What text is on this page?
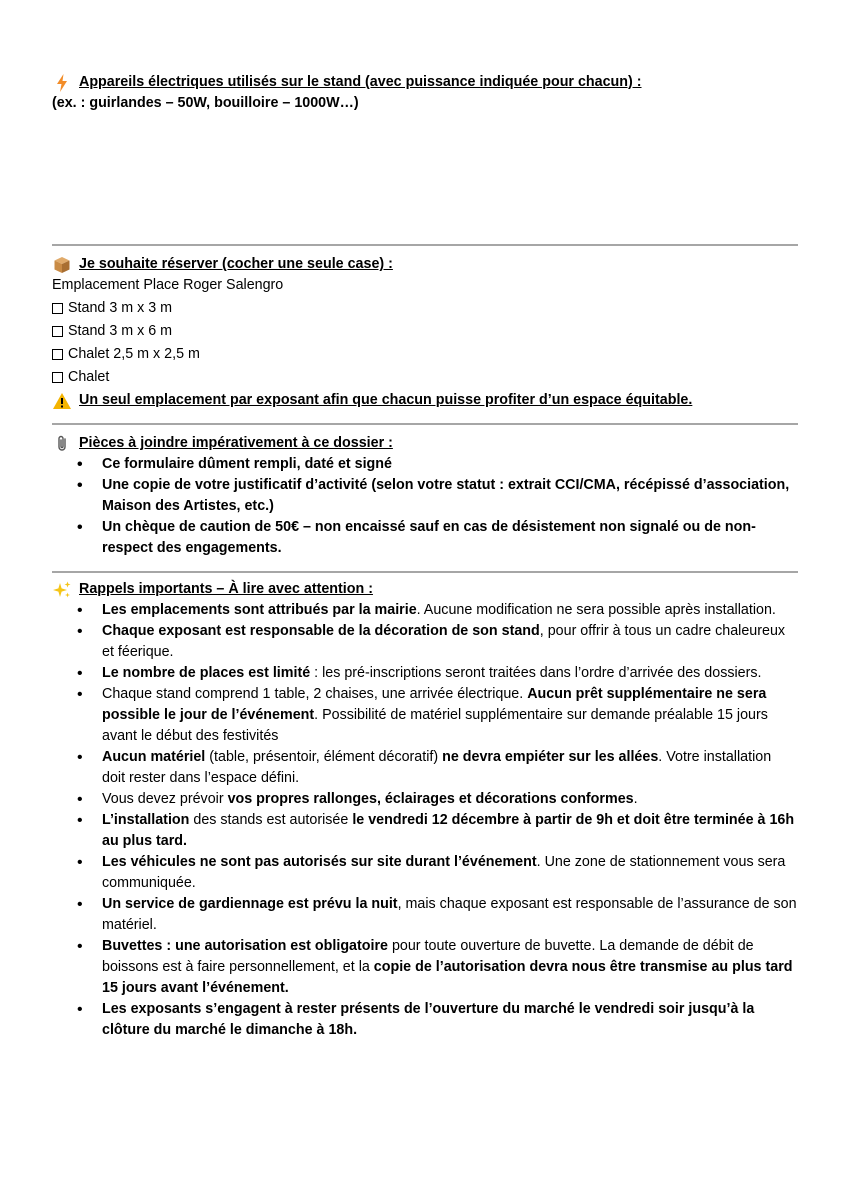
Appareils électriques utilisés sur le stand (avec puissance indiquée pour chacun) :
(ex. : guirlandes – 50W, bouilloire – 1000W…)
Je souhaite réserver (cocher une seule case) :
Emplacement Place Roger Salengro
Stand 3 m x 3 m
Stand 3 m x 6 m
Chalet 2,5 m x 2,5 m
Chalet
Un seul emplacement par exposant afin que chacun puisse profiter d’un espace équitable.
Pièces à joindre impérativement à ce dossier :
• Ce formulaire dûment rempli, daté et signé
• Une copie de votre justificatif d’activité (selon votre statut : extrait CCI/CMA, récépissé d’association, Maison des Artistes, etc.)
• Un chèque de caution de 50€ – non encaissé sauf en cas de désistement non signalé ou de non-respect des engagements.
Rappels importants – À lire avec attention :
• Les emplacements sont attribués par la mairie. Aucune modification ne sera possible après installation.
• Chaque exposant est responsable de la décoration de son stand, pour offrir à tous un cadre chaleureux et féerique.
• Le nombre de places est limité : les pré-inscriptions seront traitées dans l’ordre d’arrivée des dossiers.
• Chaque stand comprend 1 table, 2 chaises, une arrivée électrique. Aucun prêt supplémentaire ne sera possible le jour de l’événement. Possibilité de matériel supplémentaire sur demande préalable 15 jours avant le début des festivités
• Aucun matériel (table, présentoir, élément décoratif) ne devra empiéter sur les allées. Votre installation doit rester dans l’espace défini.
• Vous devez prévoir vos propres rallonges, éclairages et décorations conformes.
• L’installation des stands est autorisée le vendredi 12 décembre à partir de 9h et doit être terminée à 16h au plus tard.
• Les véhicules ne sont pas autorisés sur site durant l’événement. Une zone de stationnement vous sera communiquée.
• Un service de gardiennage est prévu la nuit, mais chaque exposant est responsable de l’assurance de son matériel.
• Buvettes : une autorisation est obligatoire pour toute ouverture de buvette. La demande de débit de boissons est à faire personnellement, et la copie de l’autorisation devra nous être transmise au plus tard 15 jours avant l’événement.
• Les exposants s’engagent à rester présents de l’ouverture du marché le vendredi soir jusqu’à la clôture du marché le dimanche à 18h.
